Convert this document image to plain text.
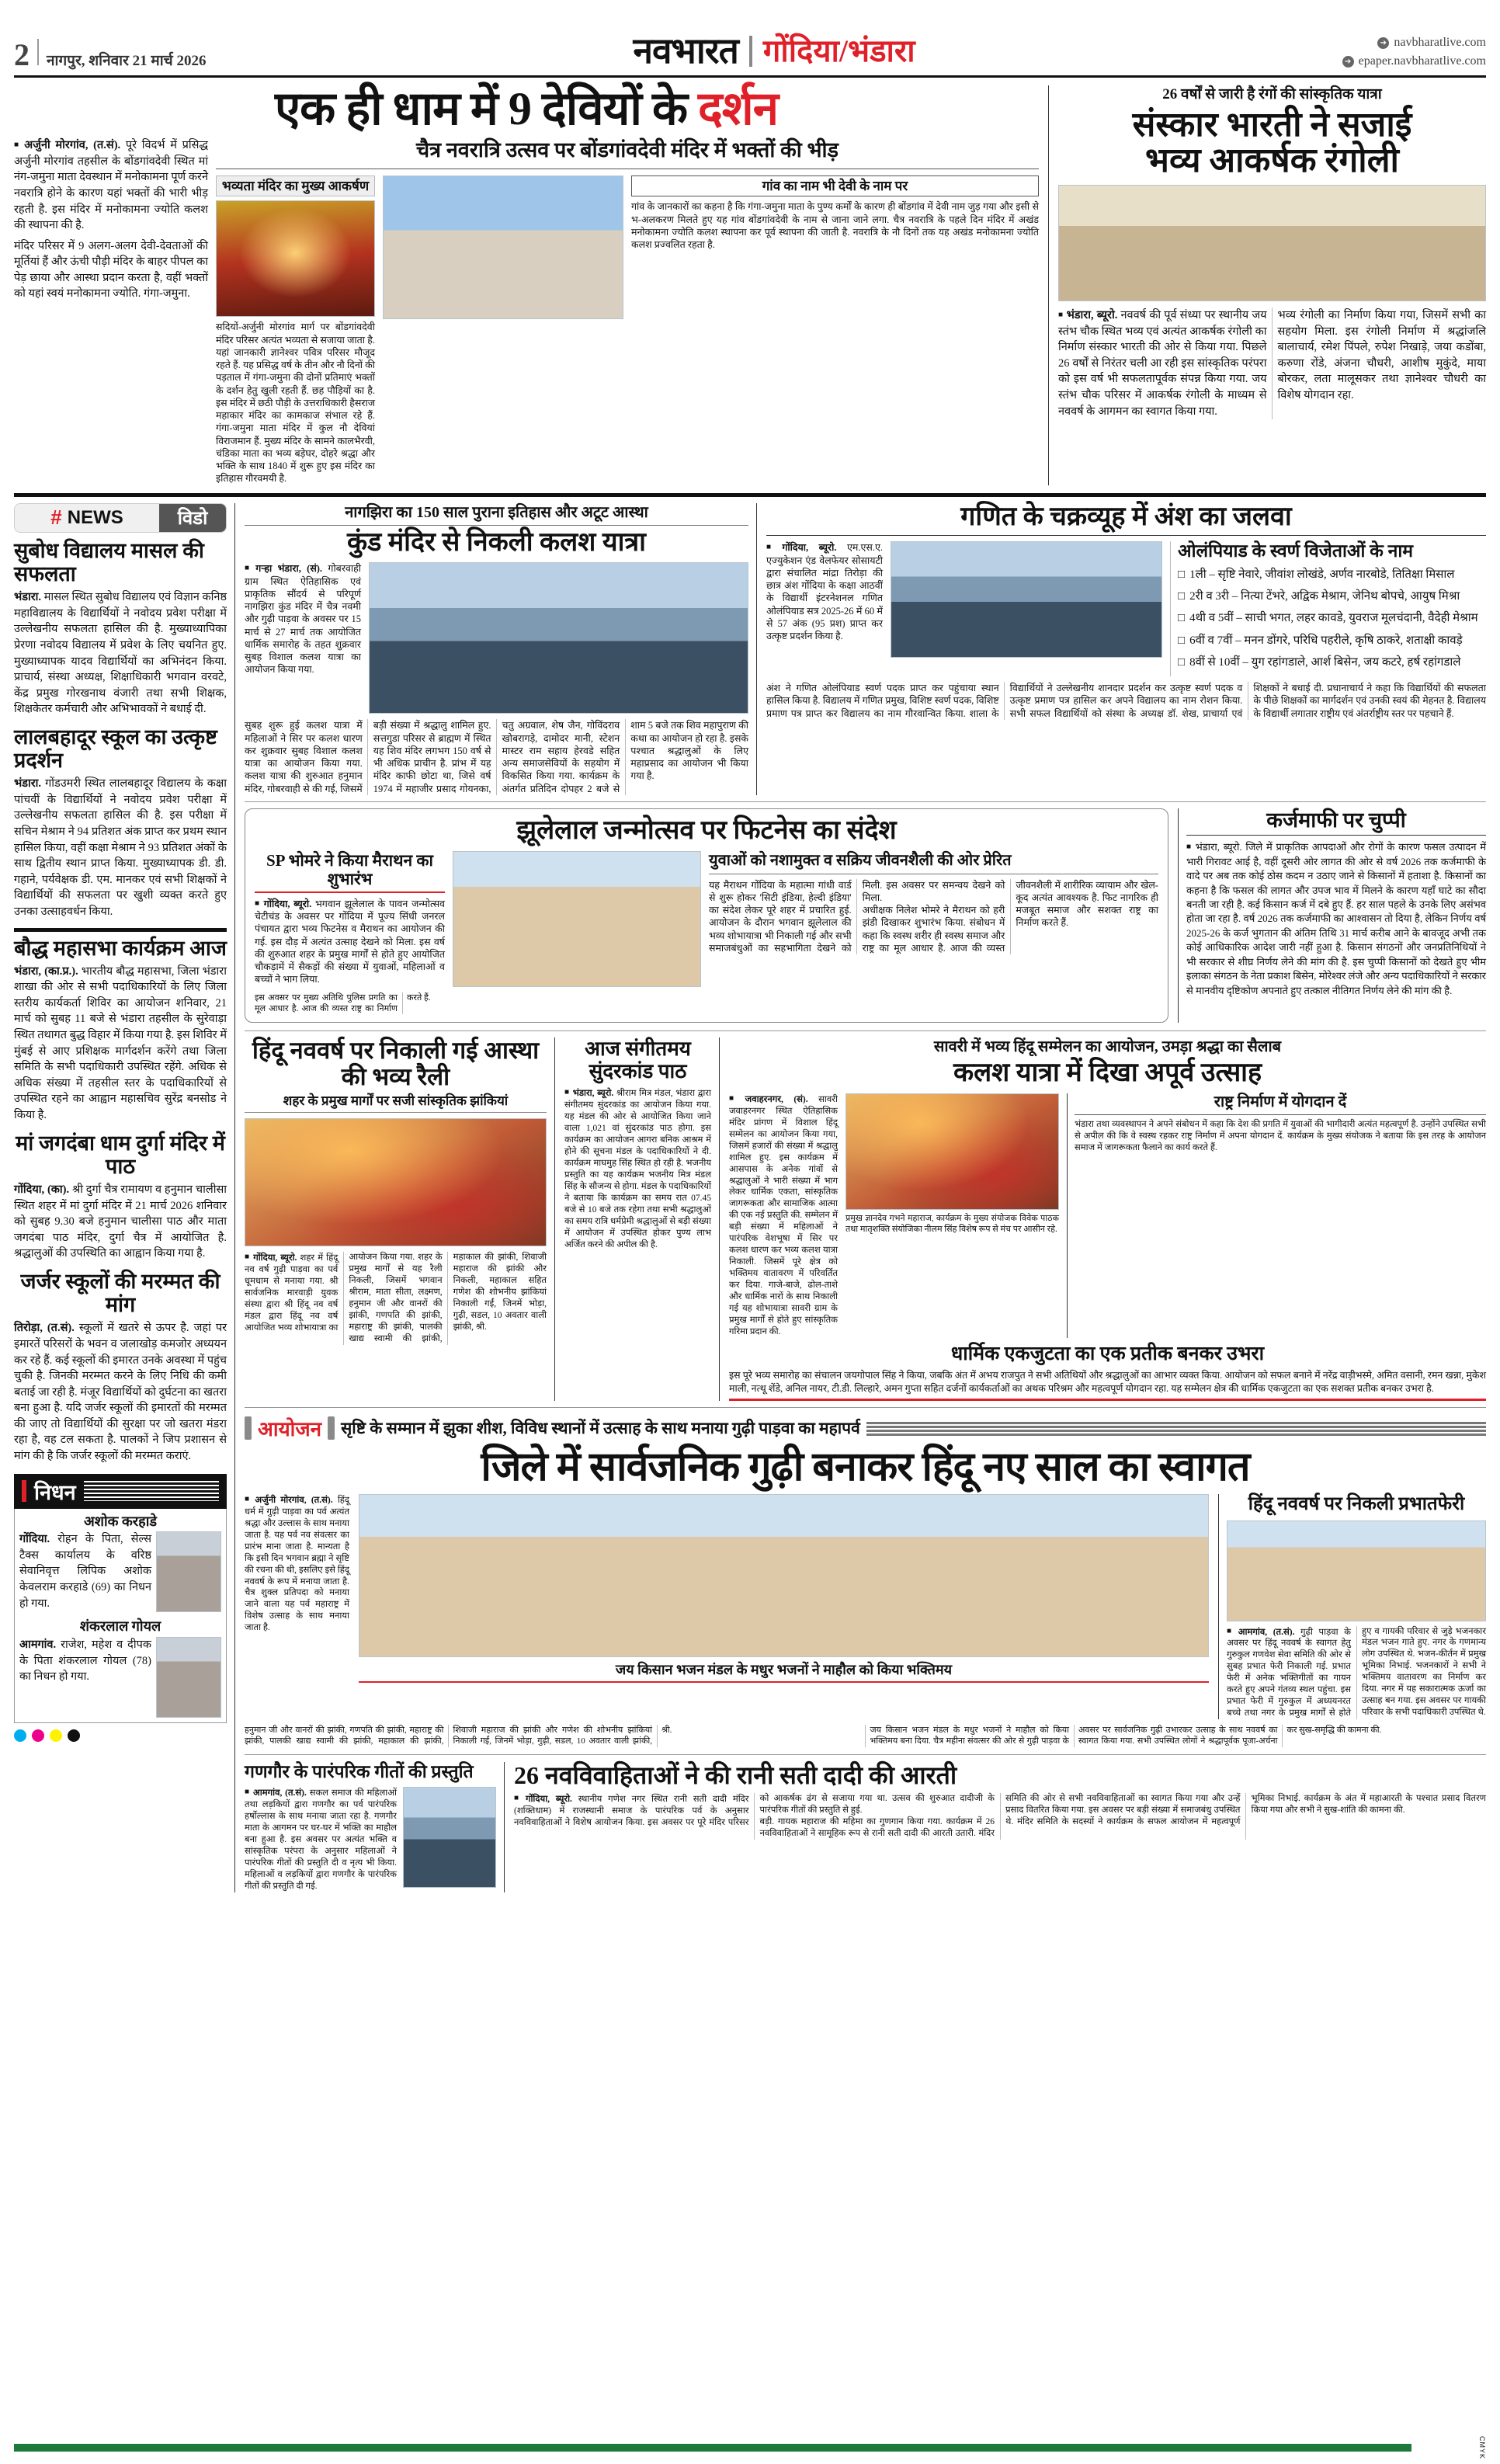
2 नागपुर, शनिवार 21 मार्च 2026	नवभारत गोंदिया/भंडारा	➔ navbharatlive.com
➔ epaper.navbharatlive.com
एक ही धाम में 9 देवियों के दर्शन
■ अर्जुनी मोरगांव, (त.सं). पूरे विदर्भ में प्रसिद्ध अर्जुनी मोरगांव तहसील के बोंडगांवदेवी स्थित मां नंग-जमुना माता देवस्थान में मनोकामना पूर्ण करनेे नवरात्रि होने के कारण यहां भक्तों की भारी भीड़ रहती है. इस मंदिर में मनोकामना ज्योति कलश की स्थापना की है.
मंदिर परिसर में 9 अलग-अलग देवी-देवताओं की मूर्तियां हैं और ऊंची पौड़ी मंदिर के बाहर पीपल का पेड़ छाया और आस्था प्रदान करता है, वहीं भक्तों को यहां स्वयं मनोकामना ज्योति. गंगा-जमुना.
चैत्र नवरात्रि उत्सव पर बोंडगांवदेवी मंदिर में भक्तों की भीड़
भव्यता मंदिर का मुख्य आकर्षण
सदियों-अर्जुनी मोरगांव मार्ग पर बोंडगांवदेवी मंदिर परिसर अत्यंत भव्यता से सजाया जाता है. यहां जानकारी ज्ञानेश्वर पवित्र परिसर मौजूद रहते हैं. यह प्रसिद्ध वर्ष के तीन और नौ दिनों की पड़ताल में गंगा-जमुना की दोनों प्रतिमाएं भक्तों के दर्शन हेतु खुली रहती हैं. छह पौड़ियों का है. इस मंदिर में छठी पौड़ी के उत्तराधिकारी हैसराज महाकार मंदिर का कामकाज संभाल रहे हैं. गंगा-जमुना माता मंदिर में कुल नौ देवियां विराजमान हैं. मुख्य मंदिर के सामने कालभैरवी, चंडिका माता का भव्य बड़ेघर, दोहरे श्रद्धा और भक्ति के साथ 1840 में शुरू हुए इस मंदिर का इतिहास गौरवमयी है.
गांव का नाम भी देवी के नाम पर
गांव के जानकारों का कहना है कि गंगा-जमुना माता के पुण्य कर्मों के कारण ही बोंडगांव में देवी नाम जुड़ गया और इसी से भ-अलकरण मिलते हुए यह गांव बोंडगांवदेवी के नाम से जाना जाने लगा. चैत्र नवरात्रि के पहले दिन मंदिर में अखंड मनोकामना ज्योति कलश स्थापना कर पूर्व स्थापना की जाती है. नवरात्रि के नौ दिनों तक यह अखंड मनोकामना ज्योति कलश प्रज्वलित रहता है.
26 वर्षों से जारी है रंगों की सांस्कृतिक यात्रा
संस्कार भारती ने सजाई
भव्य आकर्षक रंगोली
■ भंडारा, ब्यूरो. नववर्ष की पूर्व संध्या पर स्थानीय जय स्तंभ चौक स्थित भव्य एवं अत्यंत आकर्षक रंगोली का निर्माण संस्कार भारती की ओर से किया गया. पिछले 26 वर्षों से निरंतर चली आ रही इस सांस्कृतिक परंपरा को इस वर्ष भी सफलतापूर्वक संपन्न किया गया. जय स्तंभ चौक परिसर में आकर्षक रंगोली के माध्यम से नववर्ष के आगमन का स्वागत किया गया.
भव्य रंगोली का निर्माण किया गया, जिसमें सभी का सहयोग मिला. इस रंगोली निर्माण में श्रद्धांजलि बालाचार्य, रमेश पिंपले, रुपेश निखाड़े, जया कडोंबा, करुणा रोंडे, अंजना चौधरी, आशीष मुकुंदे, माया बोरकर, लता मालूसकर तथा ज्ञानेश्वर चौधरी का विशेष योगदान रहा.
# NEWS	विडो
सुबोध विद्यालय मासल की सफलता
भंडारा. मासल स्थित सुबोध विद्यालय एवं विज्ञान कनिष्ठ महाविद्यालय के विद्यार्थियों ने नवोदय प्रवेश परीक्षा में उल्लेखनीय सफलता हासिल की है. मुख्याध्यापिका प्रेरणा नवोदय विद्यालय में प्रवेश के लिए चयनित हुए. मुख्याध्यापक यादव विद्यार्थियों का अभिनंदन किया. प्राचार्य, संस्था अध्यक्ष, शिक्षाधिकारी भगवान वरवटे, केंद्र प्रमुख गोरखनाथ वंजारी तथा सभी शिक्षक, शिक्षकेतर कर्मचारी और अभिभावकों ने बधाई दी.
लालबहादूर स्कूल का उत्कृष्ट प्रदर्शन
भंडारा. गोंडउमरी स्थित लालबहादूर विद्यालय के कक्षा पांचवीं के विद्यार्थियों ने नवोदय प्रवेश परीक्षा में उल्लेखनीय सफलता हासिल की है. इस परीक्षा में सचिन मेश्राम ने 94 प्रतिशत अंक प्राप्त कर प्रथम स्थान हासिल किया, वहीं कक्षा मेश्राम ने 93 प्रतिशत अंकों के साथ द्वितीय स्थान प्राप्त किया. मुख्याध्यापक डी. डी. गहाने, पर्यवेक्षक डी. एम. मानकर एवं सभी शिक्षकों ने विद्यार्थियों की सफलता पर खुशी व्यक्त करते हुए उनका उत्साहवर्धन किया.
बौद्ध महासभा कार्यक्रम आज
भंडारा, (का.प्र.). भारतीय बौद्ध महासभा, जिला भंडारा शाखा की ओर से सभी पदाधिकारियों के लिए जिला स्तरीय कार्यकर्ता शिविर का आयोजन शनिवार, 21 मार्च को सुबह 11 बजे से भंडारा तहसील के सुरेवाड़ा स्थित तथागत बुद्ध विहार में किया गया है. इस शिविर में मुंबई से आए प्रशिक्षक मार्गदर्शन करेंगे तथा जिला समिति के सभी पदाधिकारी उपस्थित रहेंगे. अधिक से अधिक संख्या में तहसील स्तर के पदाधिकारियों से उपस्थित रहने का आह्वान महासचिव सुरेंद्र बनसोड ने किया है.
मां जगदंबा धाम दुर्गा मंदिर में पाठ
गोंदिया, (का). श्री दुर्गा चैत्र रामायण व हनुमान चालीसा स्थित शहर में मां दुर्गा मंदिर में 21 मार्च 2026 शनिवार को सुबह 9.30 बजे हनुमान चालीसा पाठ और माता जगदंबा पाठ मंदिर, दुर्गा चैत्र में आयोजित है. श्रद्धालुओं की उपस्थिति का आह्वान किया गया है.
जर्जर स्कूलों की मरम्मत की मांग
तिरोड़ा, (त.सं). स्कूलों में खतरे से ऊपर है. जहां पर इमारतें परिसरों के भवन व जलाखोड़ कमजोर अध्ययन कर रहे हैं. कई स्कूलों की इमारत उनके अवस्था में पहुंच चुकी है. जिनकी मरम्मत करने के लिए निधि की कमी बताई जा रही है. मंजूर विद्यार्थियों को दुर्घटना का खतरा बना हुआ है. यदि जर्जर स्कूलों की इमारतों की मरम्मत की जाए तो विद्यार्थियों की सुरक्षा पर जो खतरा मंडरा रहा है, वह टल सकता है. पालकों ने जिप प्रशासन से मांग की है कि जर्जर स्कूलों की मरम्मत कराएं.
निधन
अशोक करहाडे
गोंदिया. रोहन के पिता, सेल्स टैक्स कार्यालय के वरिष्ठ सेवानिवृत्त लिपिक अशोक केवलराम करहाडे (69) का निधन हो गया.
शंकरलाल गोयल
आमगांव. राजेश, महेश व दीपक के पिता शंकरलाल गोयल (78) का निधन हो गया.
नागझिरा का 150 साल पुराना इतिहास और अटूट आस्था
कुंड मंदिर से निकली कलश यात्रा
■ गऱ्हा भंडारा, (सं). गोबरवाही ग्राम स्थित ऐतिहासिक एवं प्राकृतिक सौंदर्य से परिपूर्ण नागझिरा कुंड मंदिर में चैत्र नवमी और गुढ़ी पाड़वा के अवसर पर 15 मार्च से 27 मार्च तक आयोजित धार्मिक समारोह के तहत शुक्रवार सुबह विशाल कलश यात्रा का आयोजन किया गया.
सुबह शुरू हुई कलश यात्रा में महिलाओं ने सिर पर कलश धारण कर शुक्रवार सुबह विशाल कलश यात्रा का आयोजन किया गया. कलश यात्रा की शुरुआत हनुमान मंदिर, गोबरवाही से की गई, जिसमें बड़ी संख्या में श्रद्धालु शामिल हुए. सत्तगुडा परिसर से ब्राह्मण में स्थित यह शिव मंदिर लगभग 150 वर्ष से भी अधिक प्राचीन है. प्रांभ में यह मंदिर काफी छोटा था, जिसे वर्ष 1974 में महाजीर प्रसाद गोयनका, चतु अग्रवाल, शेष जैन, गोविंदराव खोबरागड़े, दामोदर मानी, स्टेशन मास्टर राम सहाय हेरवडे सहित अन्य समाजसेवियों के सहयोग में विकसित किया गया. कार्यक्रम के अंतर्गत प्रतिदिन दोपहर 2 बजे से शाम 5 बजे तक शिव महापुराण की कथा का आयोजन हो रहा है. इसके पश्चात श्रद्धालुओं के लिए महाप्रसाद का आयोजन भी किया गया है.
गणित के चक्रव्यूह में अंश का जलवा
■ गोंदिया, ब्यूरो. एम.एस.ए. एज्युकेशन एंड वेलफेयर सोसायटी द्वारा संचालित मांद्रा तिरोड़ा की छात्र अंश गोंदिया के कक्षा आठवीं के विद्यार्थी इंटरनेशनल गणित ओलंपियाड सत्र 2025-26 में 60 में से 57 अंक (95 प्रश) प्राप्त कर उत्कृष्ट प्रदर्शन किया है.
ओलंपियाड के स्वर्ण विजेताओं के नाम
□ 1ली – सृष्टि नेवारे, जीवांश लोखंडे, अर्णव नारबोडे, तितिक्षा मिसाल
□ 2री व 3री – नित्या टेंभरे, अद्विक मेश्राम, जेनिथ बोपचे, आयुष मिश्रा
□ 4थी व 5वीं – साची भगत, लहर कावडे, युवराज मूलचंदानी, वैदेही मेश्राम
□ 6वीं व 7वीं – मनन डोंगरे, परिधि पहरीले, कृषि ठाकरे, शताक्षी कावड़े
□ 8वीं से 10वीं – युग रहांगडाले, आर्श बिसेन, जय कटरे, हर्ष रहांगडाले
अंश ने गणित ओलंपियाड स्वर्ण पदक प्राप्त कर पहुंचाया स्थान हासिल किया है. विद्यालय में गणित प्रमुख, विशिष्ट स्वर्ण पदक, विशिष्ट प्रमाण पत्र प्राप्त कर विद्यालय का नाम गौरवान्वित किया. शाला के विद्यार्थियों ने उल्लेखनीय शानदार प्रदर्शन कर उत्कृष्ट स्वर्ण पदक व उत्कृष्ट प्रमाण पत्र हासिल कर अपने विद्यालय का नाम रोशन किया. सभी सफल विद्यार्थियों को संस्था के अध्यक्ष डॉ. शेख, प्राचार्या एवं शिक्षकों ने बधाई दी. प्रधानाचार्य ने कहा कि विद्यार्थियों की सफलता के पीछे शिक्षकों का मार्गदर्शन एवं उनकी स्वयं की मेहनत है. विद्यालय के विद्यार्थी लगातार राष्ट्रीय एवं अंतर्राष्ट्रीय स्तर पर पहचाने हैं.
झूलेलाल जन्मोत्सव पर फिटनेस का संदेश
SP भोमरे ने किया मैराथन का शुभारंभ
■ गोंदिया, ब्यूरो. भगवान झूलेलाल के पावन जन्मोत्सव चेटीचंड के अवसर पर गोंदिया में पूज्य सिंधी जनरल पंचायत द्वारा भव्य फिटनेस व मैराथन का आयोजन की गई. इस दौड़ में अत्यंत उत्साह देखने को मिला. इस वर्ष की शुरुआत शहर के प्रमुख मार्गों से होते हुए आयोजित चौकड़ामें में सैकड़ों की संख्या में युवाओं, महिलाओं व बच्चों ने भाग लिया.
युवाओं को नशामुक्त व सक्रिय जीवनशैली की ओर प्रेरित
यह मैराथन गोंदिया के महात्मा गांधी वार्ड से शुरू होकर 'सिटी इंडिया, हेल्दी इंडिया' का संदेश लेकर पूरे शहर में प्रचारित हुई. आयोजन के दौरान भगवान झूलेलाल की भव्य शोभायात्रा भी निकाली गई और सभी समाजबंधुओं का सहभागिता देखने को मिली. इस अवसर पर समन्वय देखने को मिला.
अधीक्षक निलेश भोमरे ने मैराथन को हरी झंडी दिखाकर शुभारंभ किया. संबोधन में कहा कि स्वस्थ शरीर ही स्वस्थ समाज और राष्ट्र का मूल आधार है. आज की व्यस्त जीवनशैली में शारीरिक व्यायाम और खेल-कूद अत्यंत आवश्यक है. फिट नागरिक ही मजबूत समाज और सशक्त राष्ट्र का निर्माण करते हैं.
इस अवसर पर मुख्य अतिथि पुलिस प्रगति का मूल आधार है. आज की व्यस्त राष्ट्र का निर्माण करते हैं.
कर्जमाफी पर चुप्पी
■ भंडारा, ब्यूरो. जिले में प्राकृतिक आपदाओं और रोगों के कारण फसल उत्पादन में भारी गिरावट आई है, वहीं दूसरी ओर लागत की ओर से वर्ष 2026 तक कर्जमाफी के वादे पर अब तक कोई ठोस कदम न उठाए जाने से किसानों में हताशा है. किसानों का कहना है कि फसल की लागत और उपज भाव में मिलने के कारण यहाँ घाटे का सौदा बनती जा रही है. कई किसान कर्ज में दबे हुए हैं. हर साल पहले के उनके लिए असंभव होता जा रहा है. वर्ष 2026 तक कर्जमाफी का आश्वासन तो दिया है, लेकिन निर्णय वर्ष 2025-26 के कर्ज भुगतान की अंतिम तिथि 31 मार्च करीब आने के बावजूद अभी तक कोई आधिकारिक आदेश जारी नहीं हुआ है. किसान संगठनों और जनप्रतिनिधियों ने भी सरकार से शीघ्र निर्णय लेने की मांग की है. इस चुप्पी किसानों को देखते हुए भीम इलाका संगठन के नेता प्रकाश बिसेन, मोरेश्वर लंजे और अन्य पदाधिकारियों ने सरकार से मानवीय दृष्टिकोण अपनाते हुए तत्काल नीतिगत निर्णय लेने की मांग की है.
हिंदू नववर्ष पर निकाली गई आस्था की भव्य रैली
शहर के प्रमुख मार्गों पर सजी सांस्कृतिक झांकियां
■ गोंदिया, ब्यूरो. शहर में हिंदू नव वर्ष गुढ़ी पाड़वा का पर्व धूमधाम से मनाया गया. श्री सार्वजनिक मारवाड़ी युवक संस्था द्वारा श्री हिंदू नव वर्ष मंडल द्वारा हिंदू नव वर्ष आयोजित भव्य शोभायात्रा का आयोजन किया गया. शहर के प्रमुख मार्गों से यह रैली निकली, जिसमें भगवान श्रीराम, माता सीता, लक्ष्मण, हनुमान जी और वानरों की झांकी, गणपति की झांकी, महाराष्ट्र की झांकी, पालकी खाद्य स्वामी की झांकी, महाकाल की झांकी, शिवाजी महाराज की झांकी और निकली, महाकाल सहित गणेश की शोभनीय झांकियां निकाली गईं, जिनमें भोड़ा, गुढ़ी, सडल, 10 अवतार वाली झांकी, श्री.
आज संगीतमय सुंदरकांड पाठ
■ भंडारा, ब्यूरो. श्रीराम मित्र मंडल, भंडारा द्वारा संगीतमय सुंदरकांड का आयोजन किया गया. यह मंडल की ओर से आयोजित किया जाने वाला 1,021 वां सुंदरकांड पाठ होगा. इस कार्यक्रम का आयोजन आगरा बनिक आश्रम में होने की सूचना मंडल के पदाधिकारियों ने दी. कार्यक्रम माघमुह सिंह स्थित हो रही है. भजनीय प्रस्तुति का यह कार्यक्रम भजनीय मित्र मंडल सिंह के सौजन्य से होगा. मंडल के पदाधिकारियों ने बताया कि कार्यक्रम का समय रात 07.45 बजे से 10 बजे तक रहेगा तथा सभी श्रद्धालुओं का समय रात्रि धर्मप्रेमी श्रद्धालुओं से बड़ी संख्या में आयोजन में उपस्थित होकर पुण्य लाभ अर्जित करने की अपील की है.
सावरी में भव्य हिंदू सम्मेलन का आयोजन, उमड़ा श्रद्धा का सैलाब
कलश यात्रा में दिखा अपूर्व उत्साह
■ जवाहरनगर, (सं). सावरी जवाहरनगर स्थित ऐतिहासिक मंदिर प्रांगण में विशाल हिंदू सम्मेलन का आयोजन किया गया, जिसमें हजारों की संख्या में श्रद्धालु शामिल हुए. इस कार्यक्रम में आसपास के अनेक गांवों से श्रद्धालुओं ने भारी संख्या में भाग लेकर धार्मिक एकता, सांस्कृतिक जागरूकता और सामाजिक आत्मा की एक नई प्रस्तुति की. सम्मेलन में बड़ी संख्या में महिलाओं ने पारंपरिक वेशभूषा में सिर पर कलश धारण कर भव्य कलश यात्रा निकाली. जिसमें पूरे क्षेत्र को भक्तिमय वातावरण में परिवर्तित कर दिया. गाजे-बाजे, ढोल-ताशे और धार्मिक नारों के साथ निकाली गई यह शोभायात्रा सावरी ग्राम के प्रमुख मार्गों से होते हुए सांस्कृतिक गरिमा प्रदान की.
प्रमुख ज्ञानदेव गभने महाराज, कार्यक्रम के मुख्य संयोजक विवेक पाठक तथा मातृशक्ति संयोजिका नीलम सिंह विशेष रूप से मंच पर आसीन रहे.
राष्ट्र निर्माण में योगदान दें
भंडारा तथा व्यवस्थापन ने अपने संबोधन में कहा कि देश की प्रगति में युवाओं की भागीदारी अत्यंत महत्वपूर्ण है. उन्होंने उपस्थित सभी से अपील की कि वे स्वस्थ रहकर राष्ट्र निर्माण में अपना योगदान दें. कार्यक्रम के मुख्य संयोजक ने बताया कि इस तरह के आयोजन समाज में जागरूकता फैलाने का कार्य करते हैं.
धार्मिक एकजुटता का एक प्रतीक बनकर उभरा
इस पूरे भव्य समारोह का संचालन जयगोपाल सिंह ने किया, जबकि अंत में अभय राजपुत ने सभी अतिथियों और श्रद्धालुओं का आभार व्यक्त किया. आयोजन को सफल बनाने में नरेंद्र वाड़ीभस्मे, अमित वसानी, रमन खन्ना, मुकेश माली, नत्थू शेंडे, अनिल नायर, टी.डी. लिल्हारे, अमन गुप्ता सहित दर्जनों कार्यकर्ताओं का अथक परिश्रम और महत्वपूर्ण योगदान रहा. यह सम्मेलन क्षेत्र की धार्मिक एकजुटता का एक सशक्त प्रतीक बनकर उभरा है.
आयोजन सृष्टि के सम्मान में झुका शीश, विविध स्थानों में उत्साह के साथ मनाया गुढ़ी पाड़वा का महापर्व
जिले में सार्वजनिक गुढ़ी बनाकर हिंदू नए साल का स्वागत
■ अर्जुनी मोरगांव, (त.सं). हिंदू धर्म में गुढ़ी पाड़वा का पर्व अत्यंत श्रद्धा और उल्लास के साथ मनाया जाता है. यह पर्व नव संवत्सर का प्रारंभ माना जाता है. मान्यता है कि इसी दिन भगवान ब्रह्मा ने सृष्टि की रचना की थी, इसलिए इसे हिंदू नववर्ष के रूप में मनाया जाता है. चैत्र शुक्ल प्रतिपदा को मनाया जाने वाला यह पर्व महाराष्ट्र में विशेष उत्साह के साथ मनाया जाता है.
जय किसान भजन मंडल के मधुर भजनों ने माहौल को किया भक्तिमय
हिंदू नववर्ष पर निकली प्रभातफेरी
■ आमगांव, (त.सं). गुढ़ी पाड़वा के अवसर पर हिंदू नववर्ष के स्वागत हेतु गुरुकुल गणवेश सेवा समिति की ओर से सुबह प्रभात फेरी निकाली गई. प्रभात फेरी में अनेक भक्तिगीतों का गायन करते हुए अपने गंतव्य स्थल पहुंचा. इस प्रभात फेरी में गुरुकुल में अध्ययनरत बच्चे तथा नगर के प्रमुख मार्गों से होते हुए व गायकी परिवार से जुड़े भजनकार मंडल भजन गाते हुए. नगर के गणमान्य लोग उपस्थित थे. भजन-कीर्तन में प्रमुख भूमिका निभाई. भजनकारों ने सभी ने भक्तिमय वातावरण का निर्माण कर दिया. नगर में यह सकारात्मक ऊर्जा का उत्साह बन गया. इस अवसर पर गायकी परिवार के सभी पदाधिकारी उपस्थित थे.
हनुमान जी और वानरों की झांकी, गणपति की झांकी, महाराष्ट्र की झांकी, पालकी खाद्य स्वामी की झांकी, महाकाल की झांकी, शिवाजी महाराज की झांकी और गणेश की शोभनीय झांकियां निकाली गईं, जिनमें भोड़ा, गुढ़ी, सडल, 10 अवतार वाली झांकी, श्री.	जय किसान भजन मंडल के मधुर भजनों ने माहौल को किया भक्तिमय बना दिया. चैत्र महीना संवत्सर की ओर से गुढ़ी पाड़वा के अवसर पर सार्वजनिक गुढ़ी उभारकर उत्साह के साथ नववर्ष का स्वागत किया गया. सभी उपस्थित लोगों ने श्रद्धापूर्वक पूजा-अर्चना कर सुख-समृद्धि की कामना की.
गणगौर के पारंपरिक गीतों की प्रस्तुति
■ आमगांव, (त.सं). सकल समाज की महिलाओं तथा लड़कियों द्वारा गणगौर का पर्व पारंपरिक हर्षोल्लास के साथ मनाया जाता रहा है. गणगौर माता के आगमन पर घर-घर में भक्ति का माहौल बना हुआ है. इस अवसर पर अत्यंत भक्ति व सांस्कृतिक परंपरा के अनुसार महिलाओं ने पारंपरिक गीतों की प्रस्तुति दी व नृत्य भी किया. महिलाओं व लड़कियों द्वारा गणगौर के पारंपरिक गीतों की प्रस्तुति दी गई.
26 नवविवाहिताओं ने की रानी सती दादी की आरती
■ गोंदिया, ब्यूरो. स्थानीय गणेश नगर स्थित रानी सती दादी मंदिर (शक्तिधाम) में राजस्थानी समाज के पारंपरिक पर्व के अनुसार नवविवाहिताओं ने विशेष आयोजन किया. इस अवसर पर पूरे मंदिर परिसर को आकर्षक ढंग से सजाया गया था. उत्सव की शुरुआत दादीजी के पारंपरिक गीतों की प्रस्तुति से हुई.
बड़ी. गायक महाराज की महिमा का गुणगान किया गया. कार्यक्रम में 26 नवविवाहिताओं ने सामूहिक रूप से रानी सती दादी की आरती उतारी. मंदिर समिति की ओर से सभी नवविवाहिताओं का स्वागत किया गया और उन्हें प्रसाद वितरित किया गया. इस अवसर पर बड़ी संख्या में समाजबंधु उपस्थित थे. मंदिर समिति के सदस्यों ने कार्यक्रम के सफल आयोजन में महत्वपूर्ण भूमिका निभाई. कार्यक्रम के अंत में महाआरती के पश्चात प्रसाद वितरण किया गया और सभी ने सुख-शांति की कामना की.
CMYK
